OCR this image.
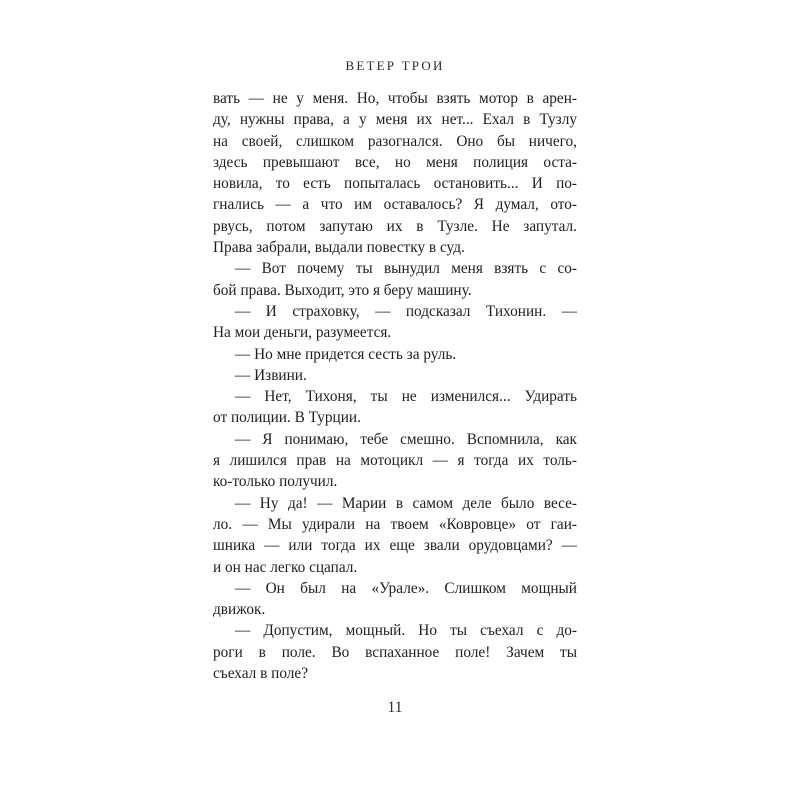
ВЕТЕР ТРОИ
вать — не у меня. Но, чтобы взять мотор в арен-
ду, нужны права, а у меня их нет... Ехал в Тузлу
на своей, слишком разогнался. Оно бы ничего,
здесь превышают все, но меня полиция оста-
новила, то есть попыталась остановить... И по-
гнались — а что им оставалось? Я думал, ото-
рвусь, потом запутаю их в Тузле. Не запутал.
Права забрали, выдали повестку в суд.
— Вот почему ты вынудил меня взять с со-
бой права. Выходит, это я беру машину.
— И страховку, — подсказал Тихонин. —
На мои деньги, разумеется.
— Но мне придется сесть за руль.
— Извини.
— Нет, Тихоня, ты не изменился... Удирать
от полиции. В Турции.
— Я понимаю, тебе смешно. Вспомнила, как
я лишился прав на мотоцикл — я тогда их толь-
ко-только получил.
— Ну да! — Марии в самом деле было весе-
ло. — Мы удирали на твоем «Ковровце» от гаи-
шника — или тогда их еще звали орудовцами? —
и он нас легко сцапал.
— Он был на «Урале». Слишком мощный
движок.
— Допустим, мощный. Но ты съехал с до-
роги в поле. Во вспаханное поле! Зачем ты
съехал в поле?
11
